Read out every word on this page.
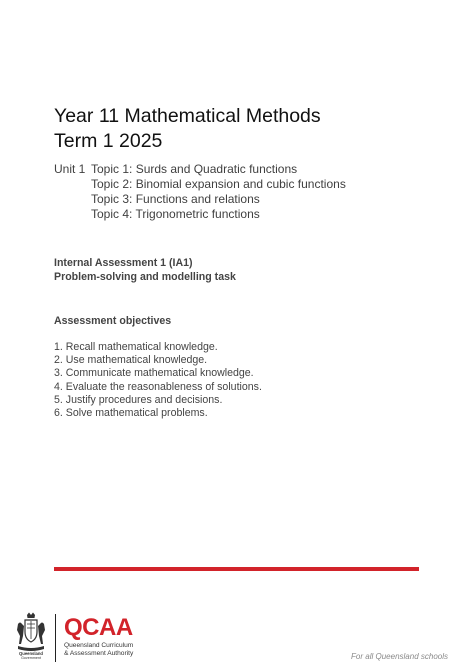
Year 11 Mathematical Methods
Term 1 2025
Unit 1 Topic 1: Surds and Quadratic functions
Topic 2: Binomial expansion and cubic functions
Topic 3: Functions and relations
Topic 4: Trigonometric functions
Internal Assessment 1 (IA1)
Problem-solving and modelling task
Assessment objectives
1. Recall mathematical knowledge.
2. Use mathematical knowledge.
3. Communicate mathematical knowledge.
4. Evaluate the reasonableness of solutions.
5. Justify procedures and decisions.
6. Solve mathematical problems.
Queensland
Government
QCAA
Queensland Curriculum
& Assessment Authority	For all Queensland schools
